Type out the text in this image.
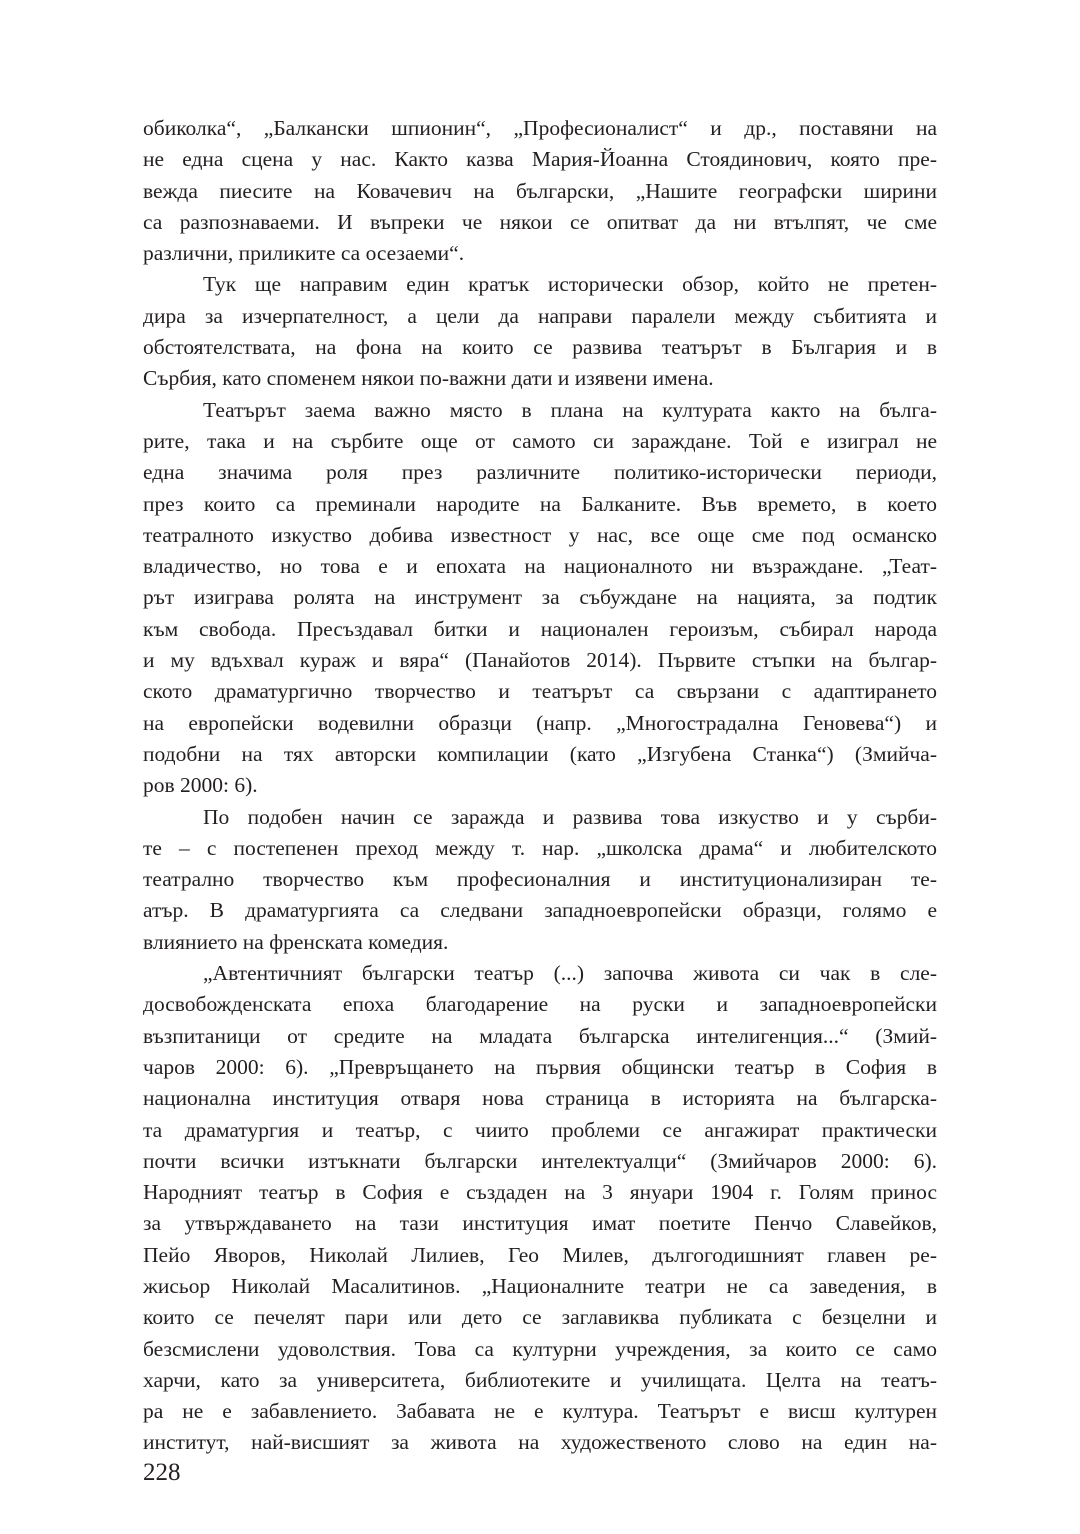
обиколка“, „Балкански шпионин“, „Професионалист“ и др., поставяни на
не една сцена у нас. Както казва Мария-Йоанна Стоядинович, която пре-
вежда пиесите на Ковачевич на български, „Нашите географски ширини
са разпознаваеми. И въпреки че някои се опитват да ни втълпят, че сме
различни, приликите са осезаеми“.
Тук ще направим един кратък исторически обзор, който не претен-
дира за изчерпателност, а цели да направи паралели между събитията и
обстоятелствата, на фона на които се развива театърът в България и в
Сърбия, като споменем някои по-важни дати и изявени имена.
Театърът заема важно място в плана на културата както на бълга-
рите, така и на сърбите още от самото си зараждане. Той е изиграл не
една значима роля през различните политико-исторически периоди,
през които са преминали народите на Балканите. Във времето, в което
театралното изкуство добива известност у нас, все още сме под османско
владичество, но това е и епохата на националното ни възраждане. „Теат-
рът изиграва ролята на инструмент за събуждане на нацията, за подтик
към свобода. Пресъздавал битки и национален героизъм, събирал народа
и му вдъхвал кураж и вяра“ (Панайотов 2014). Първите стъпки на българ-
ското драматургично творчество и театърът са свързани с адаптирането
на европейски водевилни образци (напр. „Многострадална Геновева“) и
подобни на тях авторски компилации (като „Изгубена Станка“) (Змийча-
ров 2000: 6).
По подобен начин се заражда и развива това изкуство и у сърби-
те – с постепенен преход между т. нар. „школска драма“ и любителското
театрално творчество към професионалния и институционализиран те-
атър. В драматургията са следвани западноевропейски образци, голямо е
влиянието на френската комедия.
„Автентичният български театър (...) започва живота си чак в сле-
досвобожденската епоха благодарение на руски и западноевропейски
възпитаници от средите на младата българска интелигенция...“ (Змий-
чаров 2000: 6). „Превръщането на първия общински театър в София в
национална институция отваря нова страница в историята на българска-
та драматургия и театър, с чиито проблеми се ангажират практически
почти всички изтъкнати български интелектуалци“ (Змийчаров 2000: 6).
Народният театър в София е създаден на 3 януари 1904 г. Голям принос
за утвърждаването на тази институция имат поетите Пенчо Славейков,
Пейо Яворов, Николай Лилиев, Гео Милев, дългогодишният главен ре-
жисьор Николай Масалитинов. „Националните театри не са заведения, в
които се печелят пари или дето се заглавиква публиката с безцелни и
безсмислени удоволствия. Това са културни учреждения, за които се само
харчи, като за университета, библиотеките и училищата. Целта на театъ-
ра не е забавлението. Забавата не е култура. Театърът е висш културен
институт, най-висшият за живота на художественото слово на един на-
228
